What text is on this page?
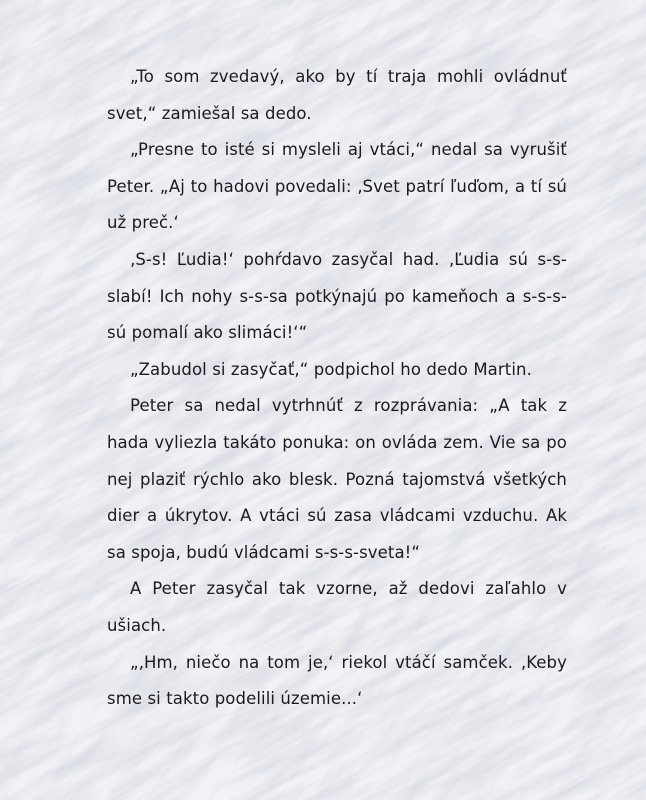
„To som zvedavý, ako by tí traja mohli ovládnuť svet,“ zamiešal sa dedo.

„Presne to isté si mysleli aj vtáci,“ nedal sa vyrušiť Peter. „Aj to hadovi povedali: ‚Svet patrí ľuďom, a tí sú už preč.‘

‚S-s! Ľudia!‘ pohŕdavo zasyčal had. ‚Ľudia sú s-s-slabí! Ich nohy s-s-sa potkýnajú po kameňoch a s-s-s-sú pomalí ako slimáci!‘“

„Zabudol si zasyčať,“ podpichol ho dedo Martin.

Peter sa nedal vytrhnúť z rozprávania: „A tak z hada vyliezla takáto ponuka: on ovláda zem. Vie sa po nej plaziť rýchlo ako blesk. Pozná tajomstvá všetkých dier a úkrytov. A vtáci sú zasa vládcami vzduchu. Ak sa spoja, budú vládcami s-s-s-sveta!“

A Peter zasyčal tak vzorne, až dedovi zaľahlo v ušiach.

„‚Hm, niečo na tom je,‘ riekol vtáčí samček. ‚Keby sme si takto podelili územie...‘
